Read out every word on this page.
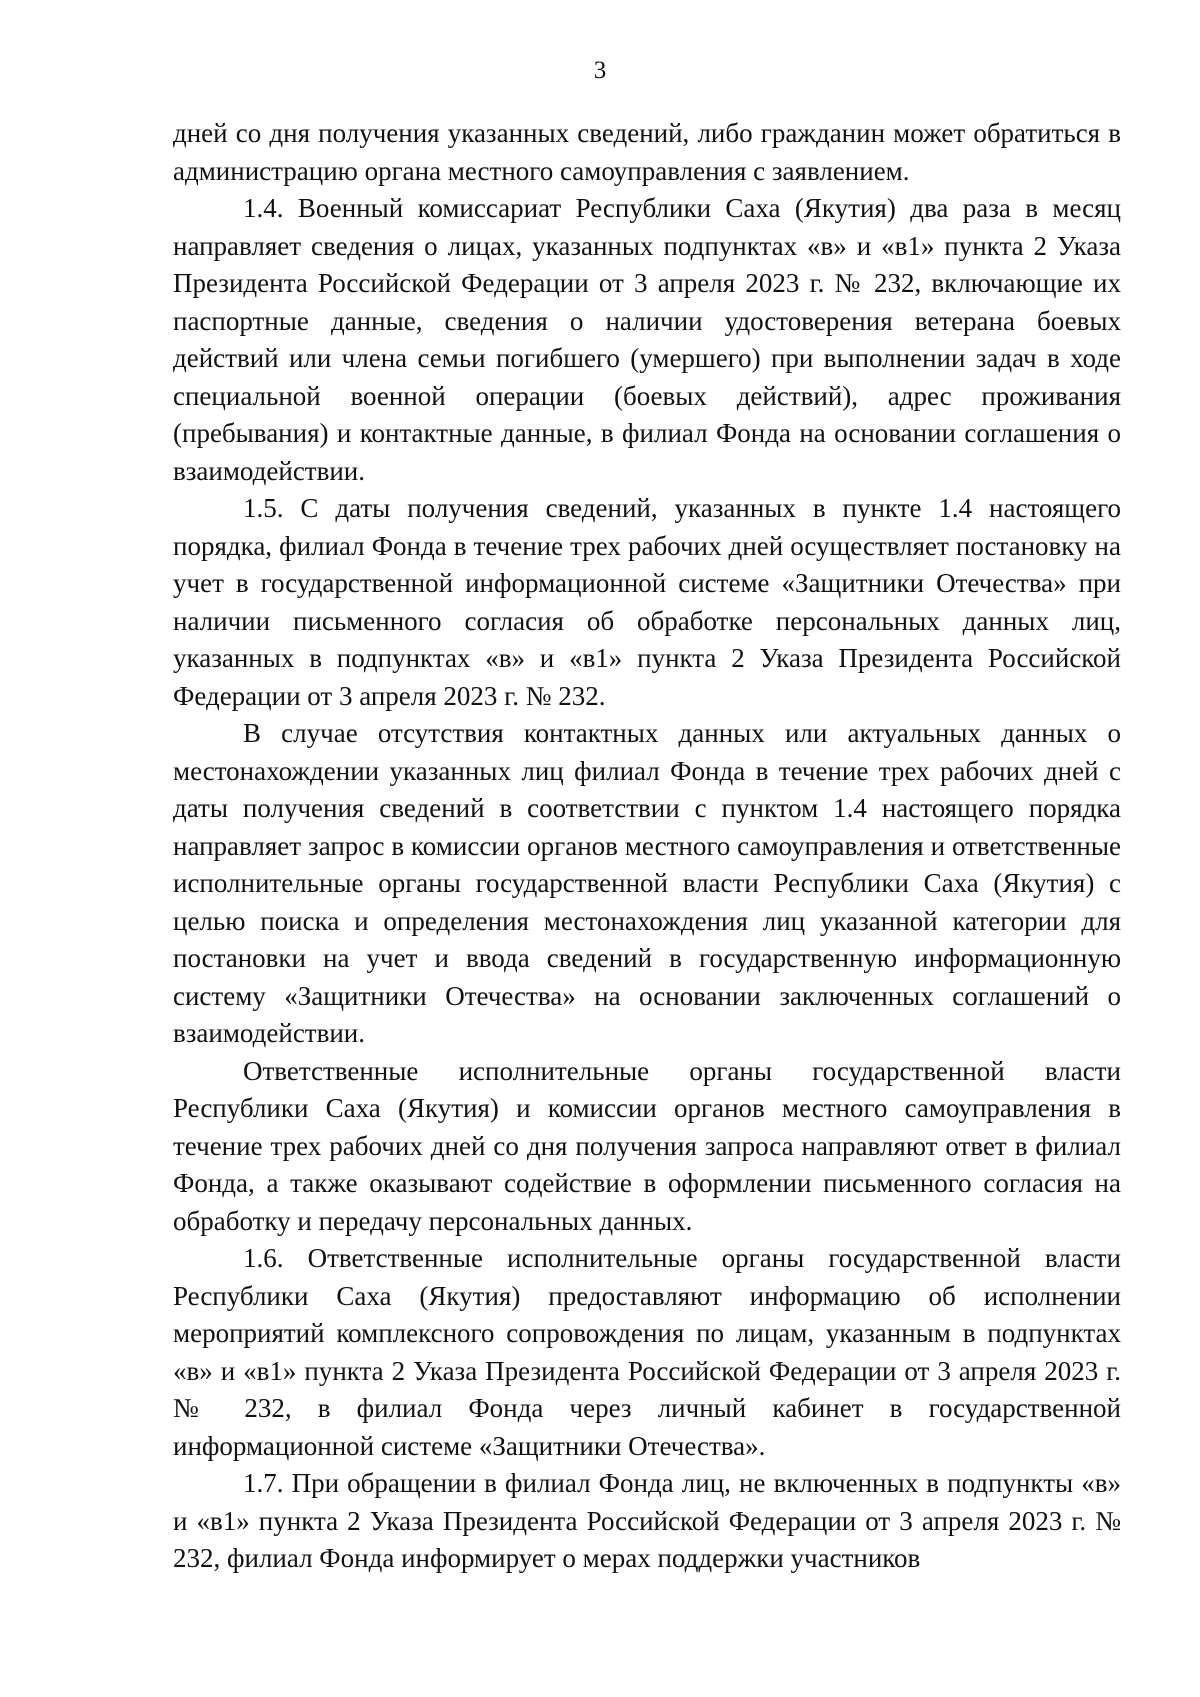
3

дней со дня получения указанных сведений, либо гражданин может обратиться в администрацию органа местного самоуправления с заявлением.

1.4. Военный комиссариат Республики Саха (Якутия) два раза в месяц направляет сведения о лицах, указанных подпунктах «в» и «в1» пункта 2 Указа Президента Российской Федерации от 3 апреля 2023 г. № 232, включающие их паспортные данные, сведения о наличии удостоверения ветерана боевых действий или члена семьи погибшего (умершего) при выполнении задач в ходе специальной военной операции (боевых действий), адрес проживания (пребывания) и контактные данные, в филиал Фонда на основании соглашения о взаимодействии.

1.5. С даты получения сведений, указанных в пункте 1.4 настоящего порядка, филиал Фонда в течение трех рабочих дней осуществляет постановку на учет в государственной информационной системе «Защитники Отечества» при наличии письменного согласия об обработке персональных данных лиц, указанных в подпунктах «в» и «в1» пункта 2 Указа Президента Российской Федерации от 3 апреля 2023 г. № 232.

В случае отсутствия контактных данных или актуальных данных о местонахождении указанных лиц филиал Фонда в течение трех рабочих дней с даты получения сведений в соответствии с пунктом 1.4 настоящего порядка направляет запрос в комиссии органов местного самоуправления и ответственные исполнительные органы государственной власти Республики Саха (Якутия) с целью поиска и определения местонахождения лиц указанной категории для постановки на учет и ввода сведений в государственную информационную систему «Защитники Отечества» на основании заключенных соглашений о взаимодействии.

Ответственные исполнительные органы государственной власти Республики Саха (Якутия) и комиссии органов местного самоуправления в течение трех рабочих дней со дня получения запроса направляют ответ в филиал Фонда, а также оказывают содействие в оформлении письменного согласия на обработку и передачу персональных данных.

1.6. Ответственные исполнительные органы государственной власти Республики Саха (Якутия) предоставляют информацию об исполнении мероприятий комплексного сопровождения по лицам, указанным в подпунктах «в» и «в1» пункта 2 Указа Президента Российской Федерации от 3 апреля 2023 г. № 232, в филиал Фонда через личный кабинет в государственной информационной системе «Защитники Отечества».

1.7. При обращении в филиал Фонда лиц, не включенных в подпункты «в» и «в1» пункта 2 Указа Президента Российской Федерации от 3 апреля 2023 г. № 232, филиал Фонда информирует о мерах поддержки участников
